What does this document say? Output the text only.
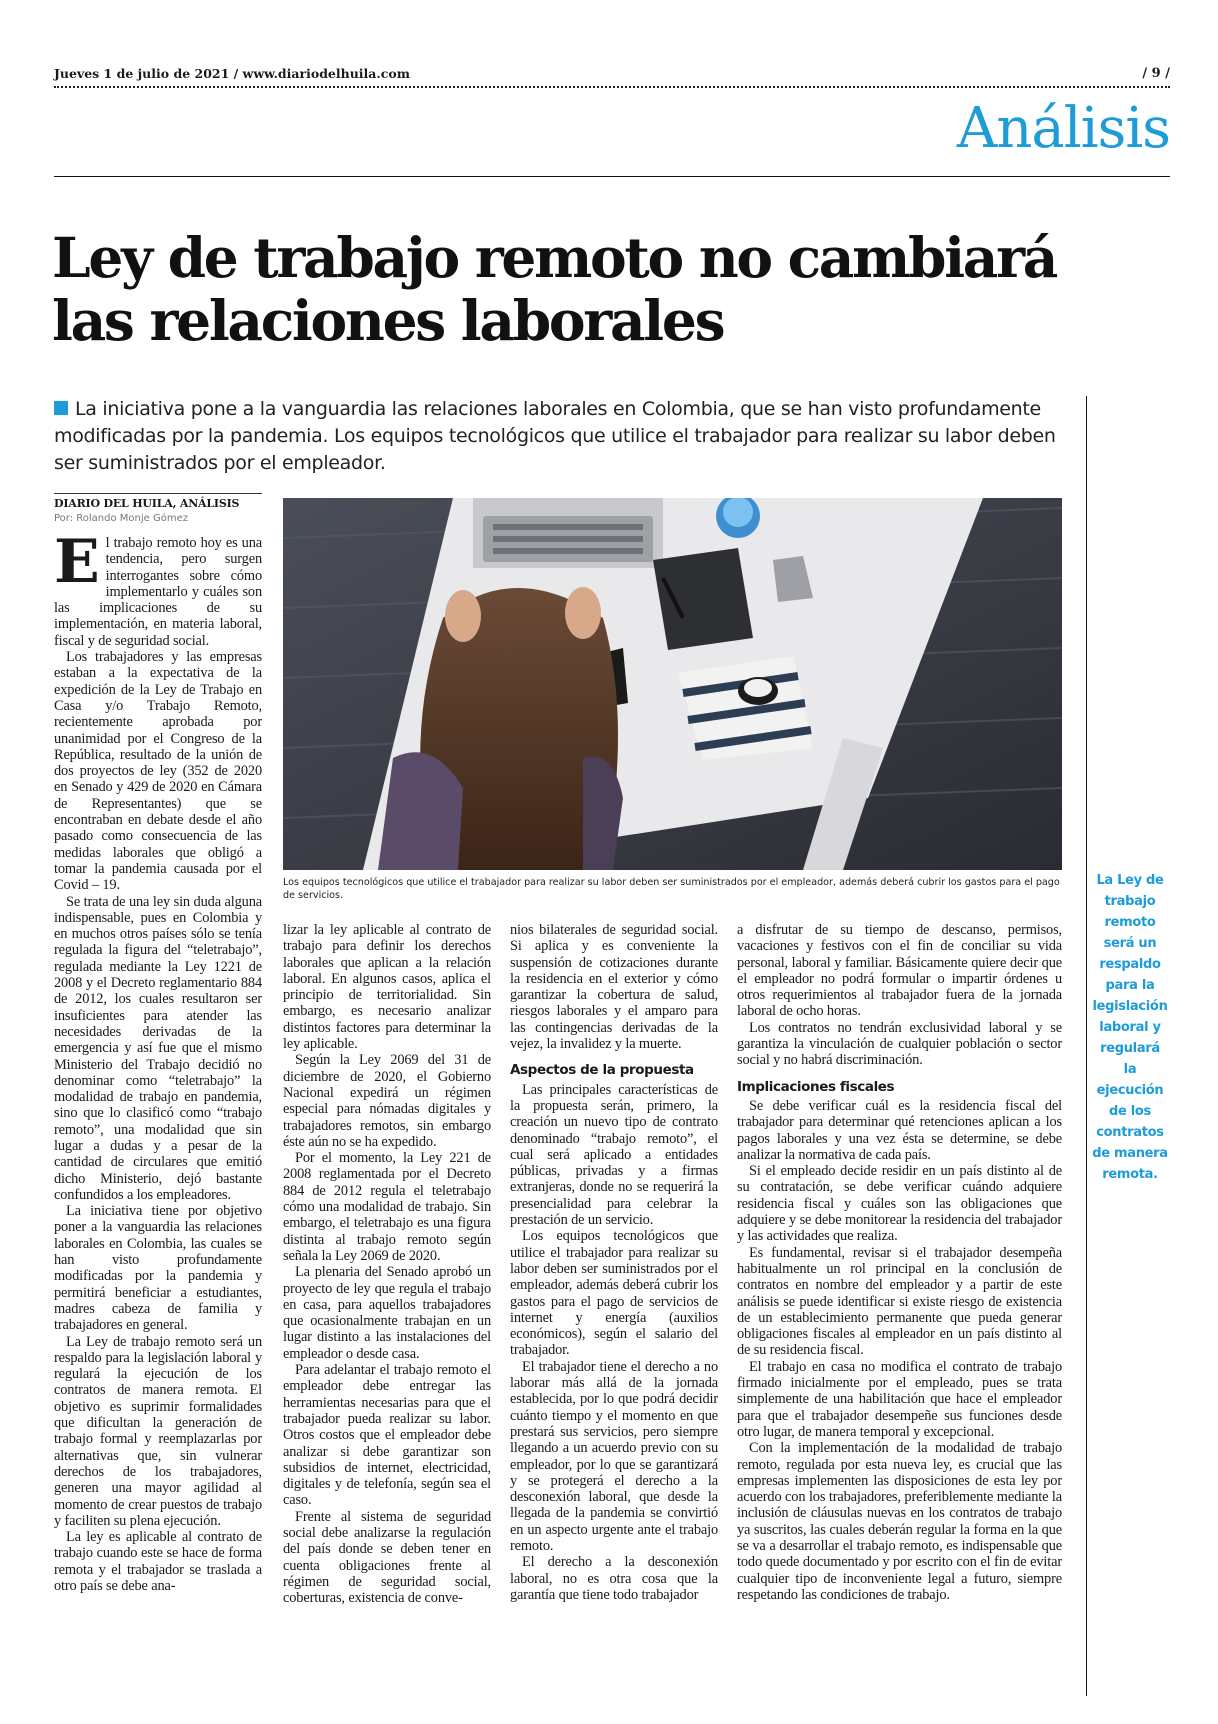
Jueves 1 de julio de 2021 / www.diariodelhuila.com	/ 9 /
Análisis
Ley de trabajo remoto no cambiará
las relaciones laborales
La iniciativa pone a la vanguardia las relaciones laborales en Colombia, que se han visto profundamente modificadas por la pandemia. Los equipos tecnológicos que utilice el trabajador para realizar su labor deben ser suministrados por el empleador.
DIARIO DEL HUILA, ANÁLISIS
Por: Rolando Monje Gómez

El trabajo remoto hoy es una tendencia, pero surgen interrogantes sobre cómo implementarlo y cuáles son las implicaciones de su implementación, en materia laboral, fiscal y de seguridad social.

Los trabajadores y las empresas estaban a la expectativa de la expedición de la Ley de Trabajo en Casa y/o Trabajo Remoto, recientemente aprobada por unanimidad por el Congreso de la República, resultado de la unión de dos proyectos de ley (352 de 2020 en Senado y 429 de 2020 en Cámara de Representantes) que se encontraban en debate desde el año pasado como consecuencia de las medidas laborales que obligó a tomar la pandemia causada por el Covid – 19.

Se trata de una ley sin duda alguna indispensable, pues en Colombia y en muchos otros países sólo se tenía regulada la figura del “teletrabajo”, regulada mediante la Ley 1221 de 2008 y el Decreto reglamentario 884 de 2012, los cuales resultaron ser insuficientes para atender las necesidades derivadas de la emergencia y así fue que el mismo Ministerio del Trabajo decidió no denominar como “teletrabajo” la modalidad de trabajo en pandemia, sino que lo clasificó como “trabajo remoto”, una modalidad que sin lugar a dudas y a pesar de la cantidad de circulares que emitió dicho Ministerio, dejó bastante confundidos a los empleadores.

La iniciativa tiene por objetivo poner a la vanguardia las relaciones laborales en Colombia, las cuales se han visto profundamente modificadas por la pandemia y permitirá beneficiar a estudiantes, madres cabeza de familia y trabajadores en general.

La Ley de trabajo remoto será un respaldo para la legislación laboral y regulará la ejecución de los contratos de manera remota. El objetivo es suprimir formalidades que dificultan la generación de trabajo formal y reemplazarlas por alternativas que, sin vulnerar derechos de los trabajadores, generen una mayor agilidad al momento de crear puestos de trabajo y faciliten su plena ejecución.

La ley es aplicable al contrato de trabajo cuando este se hace de forma remota y el trabajador se traslada a otro país se debe ana-

Los equipos tecnológicos que utilice el trabajador para realizar su labor deben ser suministrados por el empleador, además deberá cubrir los gastos para el pago de servicios.
La Ley de trabajo remoto será un respaldo para la legislación laboral y regulará la ejecución de los contratos de manera remota.

lizar la ley aplicable al contrato de trabajo para definir los derechos laborales que aplican a la relación laboral. En algunos casos, aplica el principio de territorialidad. Sin embargo, es necesario analizar distintos factores para determinar la ley aplicable.

Según la Ley 2069 del 31 de diciembre de 2020, el Gobierno Nacional expedirá un régimen especial para nómadas digitales y trabajadores remotos, sin embargo éste aún no se ha expedido.

Por el momento, la Ley 221 de 2008 reglamentada por el Decreto 884 de 2012 regula el teletrabajo cómo una modalidad de trabajo. Sin embargo, el teletrabajo es una figura distinta al trabajo remoto según señala la Ley 2069 de 2020.

La plenaria del Senado aprobó un proyecto de ley que regula el trabajo en casa, para aquellos trabajadores que ocasionalmente trabajan en un lugar distinto a las instalaciones del empleador o desde casa.

Para adelantar el trabajo remoto el empleador debe entregar las herramientas necesarias para que el trabajador pueda realizar su labor. Otros costos que el empleador debe analizar si debe garantizar son subsidios de internet, electricidad, digitales y de telefonía, según sea el caso.

Frente al sistema de seguridad social debe analizarse la regulación del país donde se deben tener en cuenta obligaciones frente al régimen de seguridad social, coberturas, existencia de conve-

nios bilaterales de seguridad social. Si aplica y es conveniente la suspensión de cotizaciones durante la residencia en el exterior y cómo garantizar la cobertura de salud, riesgos laborales y el amparo para las contingencias derivadas de la vejez, la invalidez y la muerte.

Aspectos de la propuesta

Las principales características de la propuesta serán, primero, la creación un nuevo tipo de contrato denominado “trabajo remoto”, el cual será aplicado a entidades públicas, privadas y a firmas extranjeras, donde no se requerirá la presencialidad para celebrar la prestación de un servicio.

Los equipos tecnológicos que utilice el trabajador para realizar su labor deben ser suministrados por el empleador, además deberá cubrir los gastos para el pago de servicios de internet y energía (auxilios económicos), según el salario del trabajador.

El trabajador tiene el derecho a no laborar más allá de la jornada establecida, por lo que podrá decidir cuánto tiempo y el momento en que prestará sus servicios, pero siempre llegando a un acuerdo previo con su empleador, por lo que se garantizará y se protegerá el derecho a la desconexión laboral, que desde la llegada de la pandemia se convirtió en un aspecto urgente ante el trabajo remoto.

El derecho a la desconexión laboral, no es otra cosa que la garantía que tiene todo trabajador

a disfrutar de su tiempo de descanso, permisos, vacaciones y festivos con el fin de conciliar su vida personal, laboral y familiar. Básicamente quiere decir que el empleador no podrá formular o impartir órdenes u otros requerimientos al trabajador fuera de la jornada laboral de ocho horas.

Los contratos no tendrán exclusividad laboral y se garantiza la vinculación de cualquier población o sector social y no habrá discriminación.

Implicaciones fiscales

Se debe verificar cuál es la residencia fiscal del trabajador para determinar qué retenciones aplican a los pagos laborales y una vez ésta se determine, se debe analizar la normativa de cada país.

Si el empleado decide residir en un país distinto al de su contratación, se debe verificar cuándo adquiere residencia fiscal y cuáles son las obligaciones que adquiere y se debe monitorear la residencia del trabajador y las actividades que realiza.

Es fundamental, revisar si el trabajador desempeña habitualmente un rol principal en la conclusión de contratos en nombre del empleador y a partir de este análisis se puede identificar si existe riesgo de existencia de un establecimiento permanente que pueda generar obligaciones fiscales al empleador en un país distinto al de su residencia fiscal.

El trabajo en casa no modifica el contrato de trabajo firmado inicialmente por el empleado, pues se trata simplemente de una habilitación que hace el empleador para que el trabajador desempeñe sus funciones desde otro lugar, de manera temporal y excepcional.

Con la implementación de la modalidad de trabajo remoto, regulada por esta nueva ley, es crucial que las empresas implementen las disposiciones de esta ley por acuerdo con los trabajadores, preferiblemente mediante la inclusión de cláusulas nuevas en los contratos de trabajo ya suscritos, las cuales deberán regular la forma en la que se va a desarrollar el trabajo remoto, es indispensable que todo quede documentado y por escrito con el fin de evitar cualquier tipo de inconveniente legal a futuro, siempre respetando las condiciones de trabajo.
